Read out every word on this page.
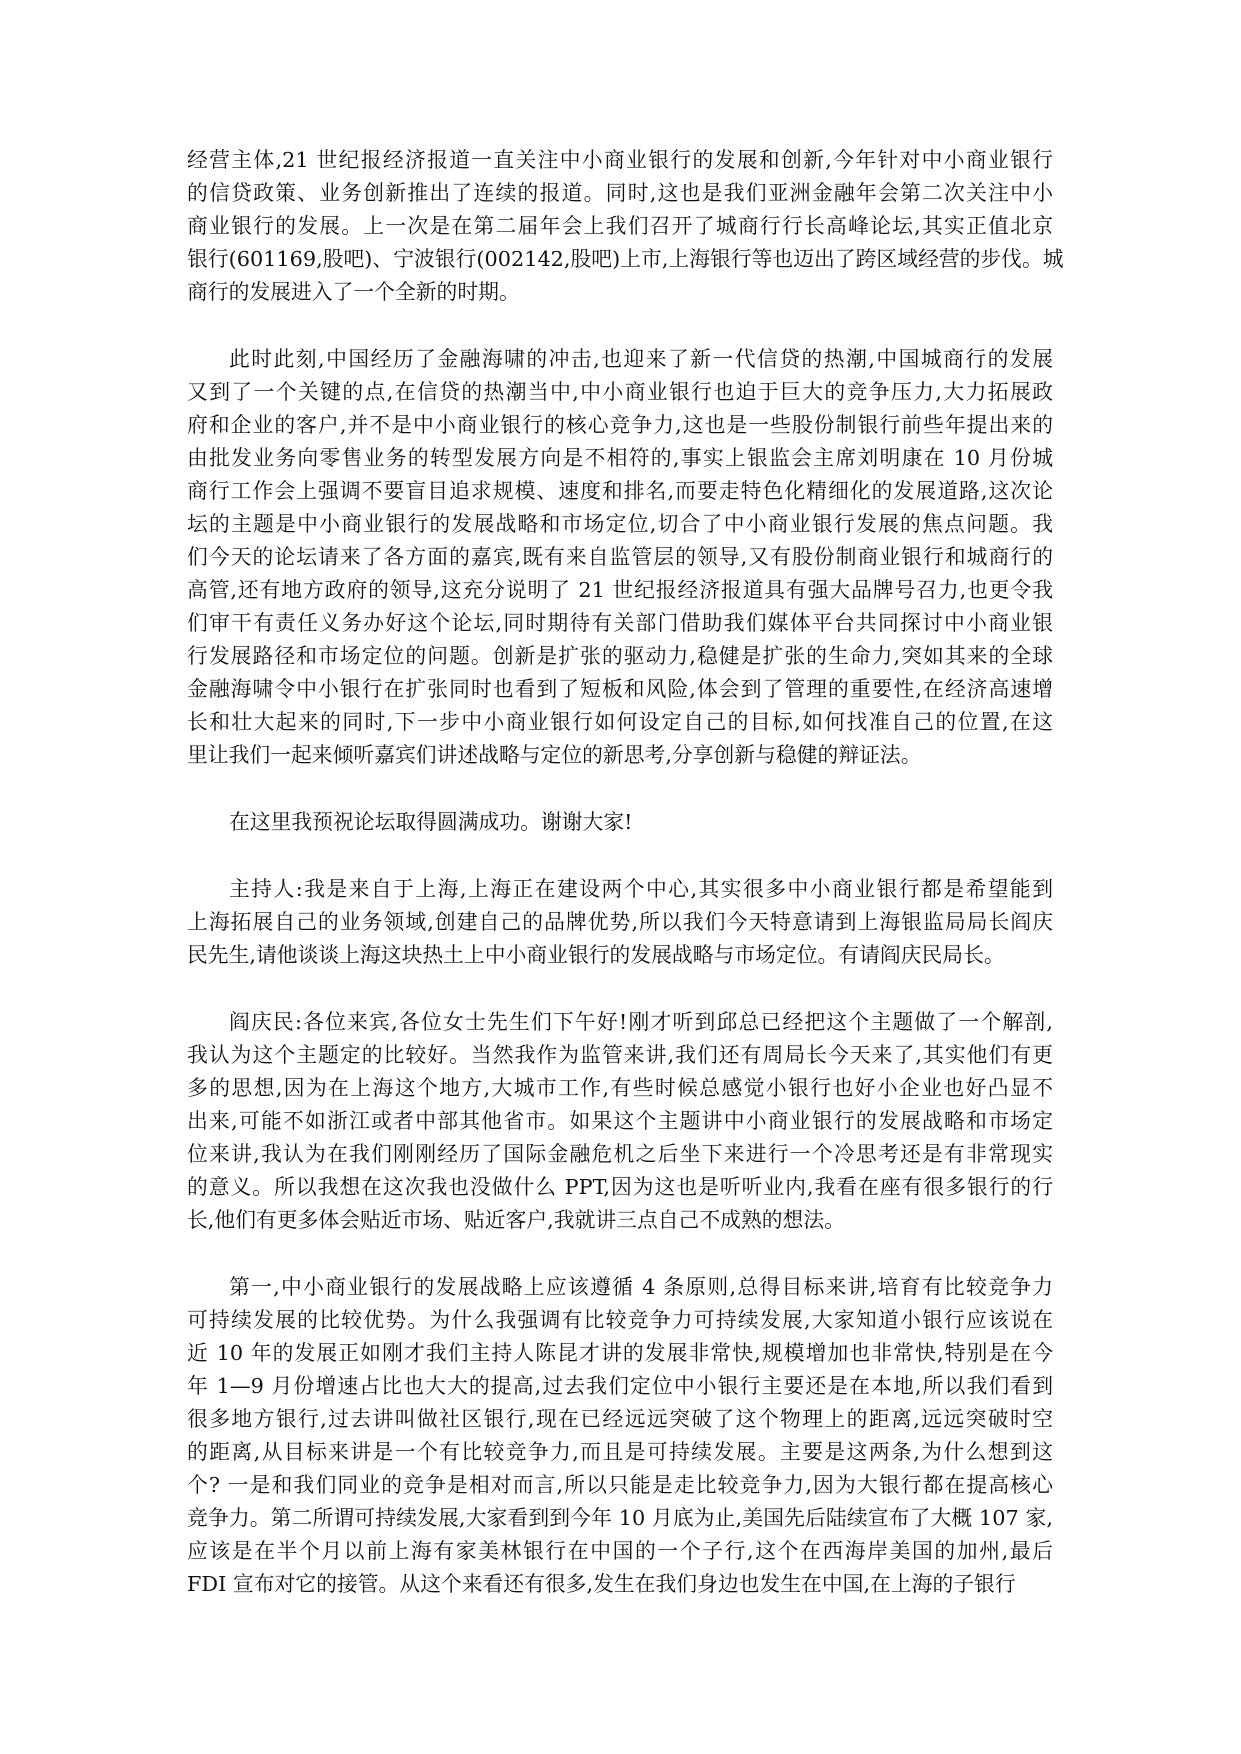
经营主体,21 世纪报经济报道一直关注中小商业银行的发展和创新,今年针对中小商业银行
的信贷政策、业务创新推出了连续的报道。同时,这也是我们亚洲金融年会第二次关注中小
商业银行的发展。上一次是在第二届年会上我们召开了城商行行长高峰论坛,其实正值北京
银行(601169,股吧)、宁波银行(002142,股吧)上市,上海银行等也迈出了跨区域经营的步伐。城
商行的发展进入了一个全新的时期。
此时此刻,中国经历了金融海啸的冲击,也迎来了新一代信贷的热潮,中国城商行的发展
又到了一个关键的点,在信贷的热潮当中,中小商业银行也迫于巨大的竞争压力,大力拓展政
府和企业的客户,并不是中小商业银行的核心竞争力,这也是一些股份制银行前些年提出来的
由批发业务向零售业务的转型发展方向是不相符的,事实上银监会主席刘明康在 10 月份城
商行工作会上强调不要盲目追求规模、速度和排名,而要走特色化精细化的发展道路,这次论
坛的主题是中小商业银行的发展战略和市场定位,切合了中小商业银行发展的焦点问题。我
们今天的论坛请来了各方面的嘉宾,既有来自监管层的领导,又有股份制商业银行和城商行的
高管,还有地方政府的领导,这充分说明了 21 世纪报经济报道具有强大品牌号召力,也更令我
们审干有责任义务办好这个论坛,同时期待有关部门借助我们媒体平台共同探讨中小商业银
行发展路径和市场定位的问题。创新是扩张的驱动力,稳健是扩张的生命力,突如其来的全球
金融海啸令中小银行在扩张同时也看到了短板和风险,体会到了管理的重要性,在经济高速增
长和壮大起来的同时,下一步中小商业银行如何设定自己的目标,如何找准自己的位置,在这
里让我们一起来倾听嘉宾们讲述战略与定位的新思考,分享创新与稳健的辩证法。
在这里我预祝论坛取得圆满成功。谢谢大家!
主持人:我是来自于上海,上海正在建设两个中心,其实很多中小商业银行都是希望能到
上海拓展自己的业务领域,创建自己的品牌优势,所以我们今天特意请到上海银监局局长阎庆
民先生,请他谈谈上海这块热土上中小商业银行的发展战略与市场定位。有请阎庆民局长。
阎庆民:各位来宾,各位女士先生们下午好!刚才听到邱总已经把这个主题做了一个解剖,
我认为这个主题定的比较好。当然我作为监管来讲,我们还有周局长今天来了,其实他们有更
多的思想,因为在上海这个地方,大城市工作,有些时候总感觉小银行也好小企业也好凸显不
出来,可能不如浙江或者中部其他省市。如果这个主题讲中小商业银行的发展战略和市场定
位来讲,我认为在我们刚刚经历了国际金融危机之后坐下来进行一个冷思考还是有非常现实
的意义。所以我想在这次我也没做什么 PPT,因为这也是听听业内,我看在座有很多银行的行
长,他们有更多体会贴近市场、贴近客户,我就讲三点自己不成熟的想法。
第一,中小商业银行的发展战略上应该遵循 4 条原则,总得目标来讲,培育有比较竞争力
可持续发展的比较优势。为什么我强调有比较竞争力可持续发展,大家知道小银行应该说在
近 10 年的发展正如刚才我们主持人陈昆才讲的发展非常快,规模增加也非常快,特别是在今
年 1—9 月份增速占比也大大的提高,过去我们定位中小银行主要还是在本地,所以我们看到
很多地方银行,过去讲叫做社区银行,现在已经远远突破了这个物理上的距离,远远突破时空
的距离,从目标来讲是一个有比较竞争力,而且是可持续发展。主要是这两条,为什么想到这
个? 一是和我们同业的竞争是相对而言,所以只能是走比较竞争力,因为大银行都在提高核心
竞争力。第二所谓可持续发展,大家看到到今年 10 月底为止,美国先后陆续宣布了大概 107 家,
应该是在半个月以前上海有家美林银行在中国的一个子行,这个在西海岸美国的加州,最后
FDI 宣布对它的接管。从这个来看还有很多,发生在我们身边也发生在中国,在上海的子银行
